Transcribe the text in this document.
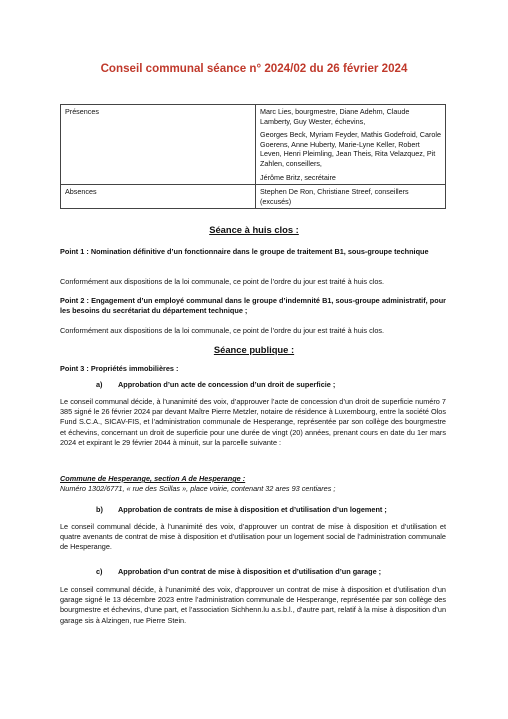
Conseil communal séance n° 2024/02 du 26 février 2024
Présences	Marc Lies, bourgmestre, Diane Adehm, Claude Lamberty, Guy Wester, échevins,
Georges Beck, Myriam Feyder, Mathis Godefroid, Carole Goerens, Anne Huberty, Marie-Lyne Keller, Robert Leven, Henri Pleimling, Jean Theis, Rita Velazquez, Pit Zahlen, conseillers,
Jérôme Britz, secrétaire

Absences	Stephen De Ron, Christiane Streef, conseillers (excusés)
Séance à huis clos :
Point 1 : Nomination définitive d’un fonctionnaire dans le groupe de traitement B1, sous-groupe technique
Conformément aux dispositions de la loi communale, ce point de l’ordre du jour est traité à huis clos.
Point 2 : Engagement d’un employé communal dans le groupe d’indemnité B1, sous-groupe administratif, pour les besoins du secrétariat du département technique ;
Conformément aux dispositions de la loi communale, ce point de l’ordre du jour est traité à huis clos.
Séance publique :
Point 3 : Propriétés immobilières :
a) Approbation d’un acte de concession d’un droit de superficie ;
Le conseil communal décide, à l’unanimité des voix, d’approuver l’acte de concession d’un droit de superficie numéro 7 385 signé le 26 février 2024 par devant Maître Pierre Metzler, notaire de résidence à Luxembourg, entre la société Olos Fund S.C.A., SICAV-FIS, et l’administration communale de Hesperange, représentée par son collège des bourgmestre et échevins, concernant un droit de superficie pour une durée de vingt (20) années, prenant cours en date du 1er mars 2024 et expirant le 29 février 2044 à minuit, sur la parcelle suivante :
Commune de Hesperange, section A de Hesperange :
Numéro 1302/6771, « rue des Scillas », place voirie, contenant 32 ares 93 centiares ;
b) Approbation de contrats de mise à disposition et d’utilisation d’un logement ;
Le conseil communal décide, à l’unanimité des voix, d’approuver un contrat de mise à disposition et d’utilisation et quatre avenants de contrat de mise à disposition et d’utilisation pour un logement social de l’administration communale de Hesperange.
c) Approbation d’un contrat de mise à disposition et d’utilisation d’un garage ;
Le conseil communal décide, à l’unanimité des voix, d’approuver un contrat de mise à disposition et d’utilisation d’un garage signé le 13 décembre 2023 entre l’administration communale de Hesperange, représentée par son collège des bourgmestre et échevins, d’une part, et l’association Sichhenn.lu a.s.b.l., d’autre part, relatif à la mise à disposition d’un garage sis à Alzingen, rue Pierre Stein.
